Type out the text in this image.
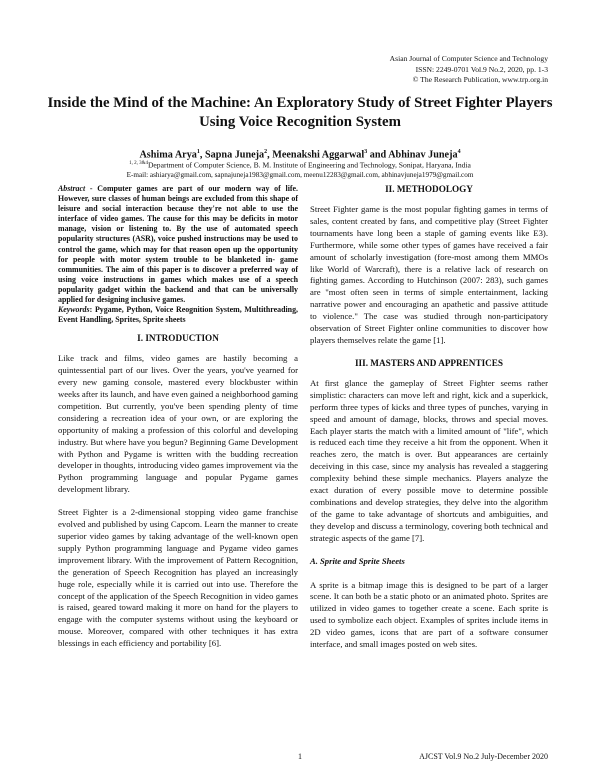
Asian Journal of Computer Science and Technology
ISSN: 2249-0701 Vol.9 No.2, 2020, pp. 1-3
© The Research Publication, www.trp.org.in
Inside the Mind of the Machine: An Exploratory Study of Street Fighter Players Using Voice Recognition System
Ashima Arya$^1$, Sapna Juneja$^2$, Meenakshi Aggarwal$^3$ and Abhinav Juneja$^4$
$^{1, 2, 3\&4}$Department of Computer Science, B. M. Institute of Engineering and Technology, Sonipat, Haryana, India
E-mail: ashiarya@gmail.com, sapnajuneja1983@gmail.com, meenu12283@gmail.com, abhinavjuneja1979@gmail.com

Abstract - Computer games are part of our modern way of life. However, sure classes of human beings are excluded from this shape of leisure and social interaction because they're not able to use the interface of video games. The cause for this may be deficits in motor manage, vision or listening to. By the use of automated speech popularity structures (ASR), voice pushed instructions may be used to control the game, which may for that reason open up the opportunity for people with motor system trouble to be blanketed in- game communities. The aim of this paper is to discover a preferred way of using voice instructions in games which makes use of a speech popularity gadget within the backend and that can be universally applied for designing inclusive games.

Keywords: Pygame, Python, Voice Reognition System, Multithreading, Event Handling, Sprites, Sprite sheets

I. INTRODUCTION

Like track and films, video games are hastily becoming a quintessential part of our lives. Over the years, you've yearned for every new gaming console, mastered every blockbuster within weeks after its launch, and have even gained a neighborhood gaming competition. But currently, you've been spending plenty of time considering a recreation idea of your own, or are exploring the opportunity of making a profession of this colorful and developing industry. But where have you begun? Beginning Game Development with Python and Pygame is written with the budding recreation developer in thoughts, introducing video games improvement via the Python programming language and popular Pygame games development library.

Street Fighter is a 2-dimensional stopping video game franchise evolved and published by using Capcom. Learn the manner to create superior video games by taking advantage of the well-known open supply Python programming language and Pygame video games improvement library. With the improvement of Pattern Recognition, the generation of Speech Recognition has played an increasingly huge role, especially while it is carried out into use. Therefore the concept of the application of the Speech Recognition in video games is raised, geared toward making it more on hand for the players to engage with the computer systems without using the keyboard or mouse. Moreover, compared with other techniques it has extra blessings in each efficiency and portability [6].

II. METHODOLOGY

Street Fighter game is the most popular fighting games in terms of sales, content created by fans, and competitive play (Street Fighter tournaments have long been a staple of gaming events like E3). Furthermore, while some other types of games have received a fair amount of scholarly investigation (fore-most among them MMOs like World of Warcraft), there is a relative lack of research on fighting games. According to Hutchinson (2007: 283), such games are "most often seen in terms of simple entertainment, lacking narrative power and encouraging an apathetic and passive attitude to violence." The case was studied through non-participatory observation of Street Fighter online communities to discover how players themselves relate the game [1].

III. MASTERS AND APPRENTICES

At first glance the gameplay of Street Fighter seems rather simplistic: characters can move left and right, kick and a superkick, perform three types of kicks and three types of punches, varying in speed and amount of damage, blocks, throws and special moves. Each player starts the match with a limited amount of "life", which is reduced each time they receive a hit from the opponent. When it reaches zero, the match is over. But appearances are certainly deceiving in this case, since my analysis has revealed a staggering complexity behind these simple mechanics. Players analyze the exact duration of every possible move to determine possible combinations and develop strategies, they delve into the algorithm of the game to take advantage of shortcuts and ambiguities, and they develop and discuss a terminology, covering both technical and strategic aspects of the game [7].

A. Sprite and Sprite Sheets

A sprite is a bitmap image this is designed to be part of a larger scene. It can both be a static photo or an animated photo. Sprites are utilized in video games to together create a scene. Each sprite is used to symbolize each object. Examples of sprites include items in 2D video games, icons that are part of a software consumer interface, and small images posted on web sites.

1	AJCST Vol.9 No.2 July-December 2020
